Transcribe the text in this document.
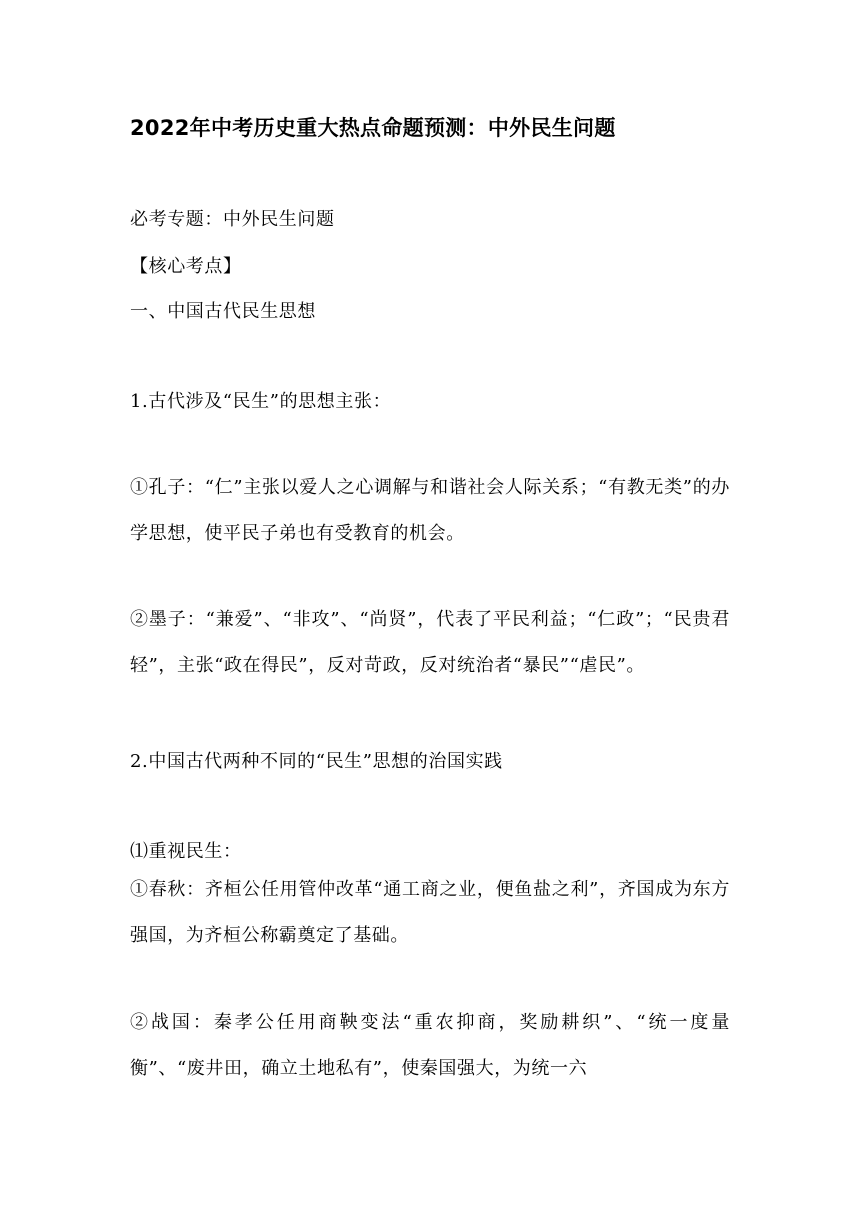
2022年中考历史重大热点命题预测：中外民生问题
必考专题：中外民生问题
【核心考点】
一、中国古代民生思想
1.古代涉及“民生”的思想主张：
①孔子：“仁”主张以爱人之心调解与和谐社会人际关系；“有教无类”的办学思想，使平民子弟也有受教育的机会。
②墨子：“兼爱”、“非攻”、“尚贤”，代表了平民利益；“仁政”；“民贵君轻”，主张“政在得民”，反对苛政，反对统治者“暴民”“虐民”。
2.中国古代两种不同的“民生”思想的治国实践
⑴重视民生：
①春秋：齐桓公任用管仲改革“通工商之业，便鱼盐之利”，齐国成为东方强国，为齐桓公称霸奠定了基础。
②战国：秦孝公任用商鞅变法“重农抑商，奖励耕织”、“统一度量衡”、“废井田，确立土地私有”，使秦国强大，为统一六
